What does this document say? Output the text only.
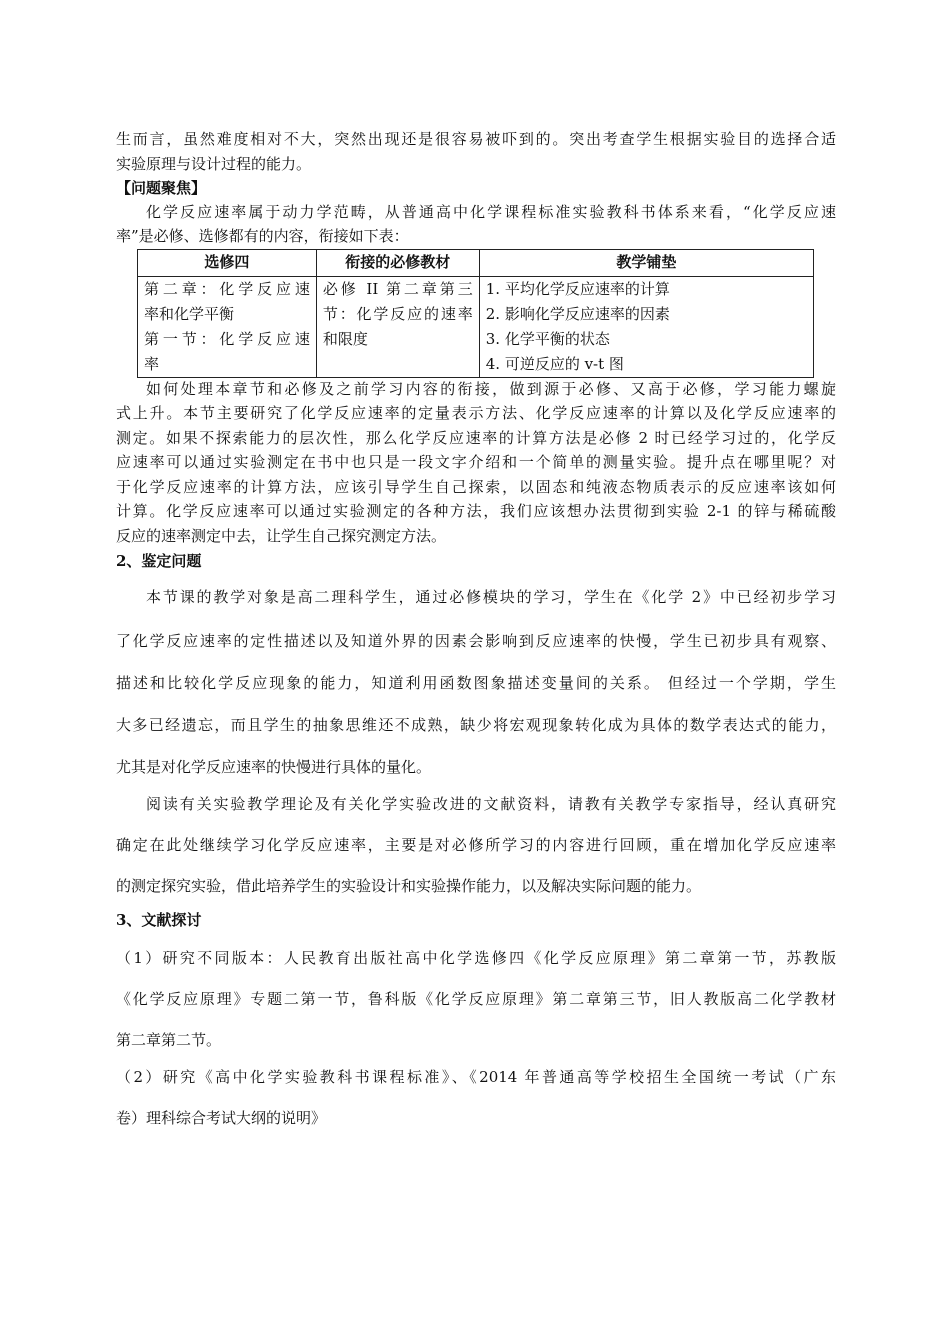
生而言，虽然难度相对不大，突然出现还是很容易被吓到的。突出考查学生根据实验目的选择合适
实验原理与设计过程的能力。
【问题聚焦】
化学反应速率属于动力学范畴，从普通高中化学课程标准实验教科书体系来看，“化学反应速
率”是必修、选修都有的内容，衔接如下表：
选修四	衔接的必修教材	教学铺垫

第二章：化学反应速
率和化学平衡
第一节：化学反应速
率	必修 II 第二章第三
节：化学反应的速率
和限度	1. 平均化学反应速率的计算
2. 影响化学反应速率的因素
3. 化学平衡的状态
4. 可逆反应的 v-t 图
如何处理本章节和必修及之前学习内容的衔接，做到源于必修、又高于必修，学习能力螺旋
式上升。本节主要研究了化学反应速率的定量表示方法、化学反应速率的计算以及化学反应速率的
测定。如果不探索能力的层次性，那么化学反应速率的计算方法是必修 2 时已经学习过的，化学反
应速率可以通过实验测定在书中也只是一段文字介绍和一个简单的测量实验。提升点在哪里呢？对
于化学反应速率的计算方法，应该引导学生自己探索，以固态和纯液态物质表示的反应速率该如何
计算。化学反应速率可以通过实验测定的各种方法，我们应该想办法贯彻到实验 2-1 的锌与稀硫酸
反应的速率测定中去，让学生自己探究测定方法。
2、鉴定问题
本节课的教学对象是高二理科学生，通过必修模块的学习，学生在《化学 2》中已经初步学习
了化学反应速率的定性描述以及知道外界的因素会影响到反应速率的快慢，学生已初步具有观察、
描述和比较化学反应现象的能力，知道利用函数图象描述变量间的关系。 但经过一个学期，学生
大多已经遗忘，而且学生的抽象思维还不成熟，缺少将宏观现象转化成为具体的数学表达式的能力，
尤其是对化学反应速率的快慢进行具体的量化。
阅读有关实验教学理论及有关化学实验改进的文献资料，请教有关教学专家指导，经认真研究
确定在此处继续学习化学反应速率，主要是对必修所学习的内容进行回顾，重在增加化学反应速率
的测定探究实验，借此培养学生的实验设计和实验操作能力，以及解决实际问题的能力。
3、文献探讨
（1）研究不同版本：人民教育出版社高中化学选修四《化学反应原理》第二章第一节，苏教版
《化学反应原理》专题二第一节，鲁科版《化学反应原理》第二章第三节，旧人教版高二化学教材
第二章第二节。
（2）研究《高中化学实验教科书课程标准》、《2014 年普通高等学校招生全国统一考试（广东
卷）理科综合考试大纲的说明》
